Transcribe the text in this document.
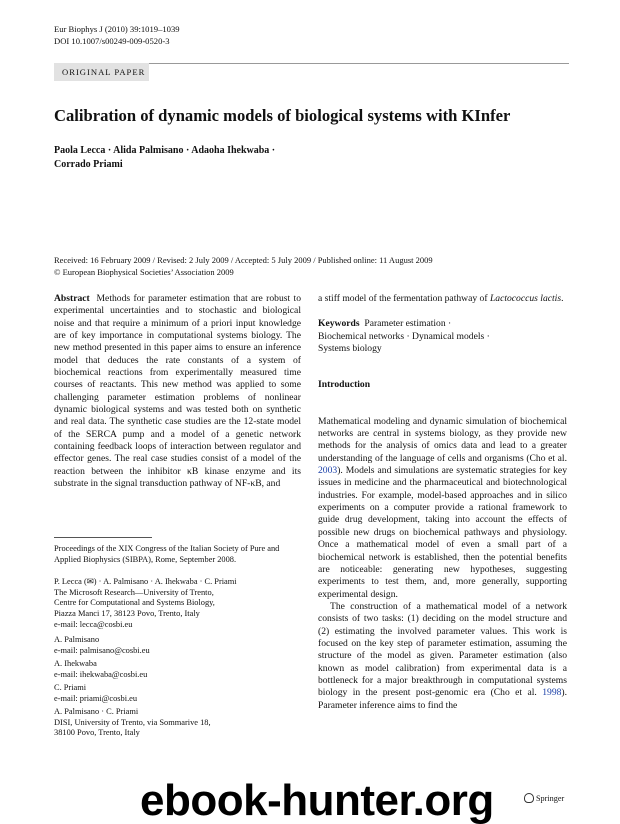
Eur Biophys J (2010) 39:1019–1039
DOI 10.1007/s00249-009-0520-3
ORIGINAL PAPER
Calibration of dynamic models of biological systems with KInfer
Paola Lecca · Alida Palmisano · Adaoha Ihekwaba ·
Corrado Priami
Received: 16 February 2009 / Revised: 2 July 2009 / Accepted: 5 July 2009 / Published online: 11 August 2009
© European Biophysical Societies’ Association 2009

Abstract Methods for parameter estimation that are robust to experimental uncertainties and to stochastic and biological noise and that require a minimum of a priori input knowledge are of key importance in computational systems biology. The new method presented in this paper aims to ensure an inference model that deduces the rate constants of a system of biochemical reactions from experimentally measured time courses of reactants. This new method was applied to some challenging parameter estimation problems of nonlinear dynamic biological systems and was tested both on synthetic and real data. The synthetic case studies are the 12-state model of the SERCA pump and a model of a genetic network containing feedback loops of interaction between regulator and effector genes. The real case studies consist of a model of the reaction between the inhibitor κB kinase enzyme and its substrate in the signal transduction pathway of NF-κB, and

Proceedings of the XIX Congress of the Italian Society of Pure and
Applied Biophysics (SIBPA), Rome, September 2008.
P. Lecca (✉) · A. Palmisano · A. Ihekwaba · C. Priami
The Microsoft Research—University of Trento,
Centre for Computational and Systems Biology,
Piazza Manci 17, 38123 Povo, Trento, Italy
e-mail: lecca@cosbi.eu
A. Palmisano
e-mail: palmisano@cosbi.eu
A. Ihekwaba
e-mail: ihekwaba@cosbi.eu
C. Priami
e-mail: priami@cosbi.eu
A. Palmisano · C. Priami
DISI, University of Trento, via Sommarive 18,
38100 Povo, Trento, Italy

a stiff model of the fermentation pathway of Lactococcus lactis.

Keywords Parameter estimation ·
Biochemical networks · Dynamical models ·
Systems biology

Introduction

Mathematical modeling and dynamic simulation of biochemical networks are central in systems biology, as they provide new methods for the analysis of omics data and lead to a greater understanding of the language of cells and organisms (Cho et al. 2003). Models and simulations are systematic strategies for key issues in medicine and the pharmaceutical and biotechnological industries. For example, model-based approaches and in silico experiments on a computer provide a rational framework to guide drug development, taking into account the effects of possible new drugs on biochemical pathways and physiology. Once a mathematical model of even a small part of a biochemical network is established, then the potential benefits are noticeable: generating new hypotheses, suggesting experiments to test them, and, more generally, supporting experimental design.

The construction of a mathematical model of a network consists of two tasks: (1) deciding on the model structure and (2) estimating the involved parameter values. This work is focused on the key step of parameter estimation, assuming the structure of the model as given. Parameter estimation (also known as model calibration) from experimental data is a bottleneck for a major breakthrough in computational systems biology in the present post-genomic era (Cho et al. 1998). Parameter inference aims to find the

Springer
ebook-hunter.org
